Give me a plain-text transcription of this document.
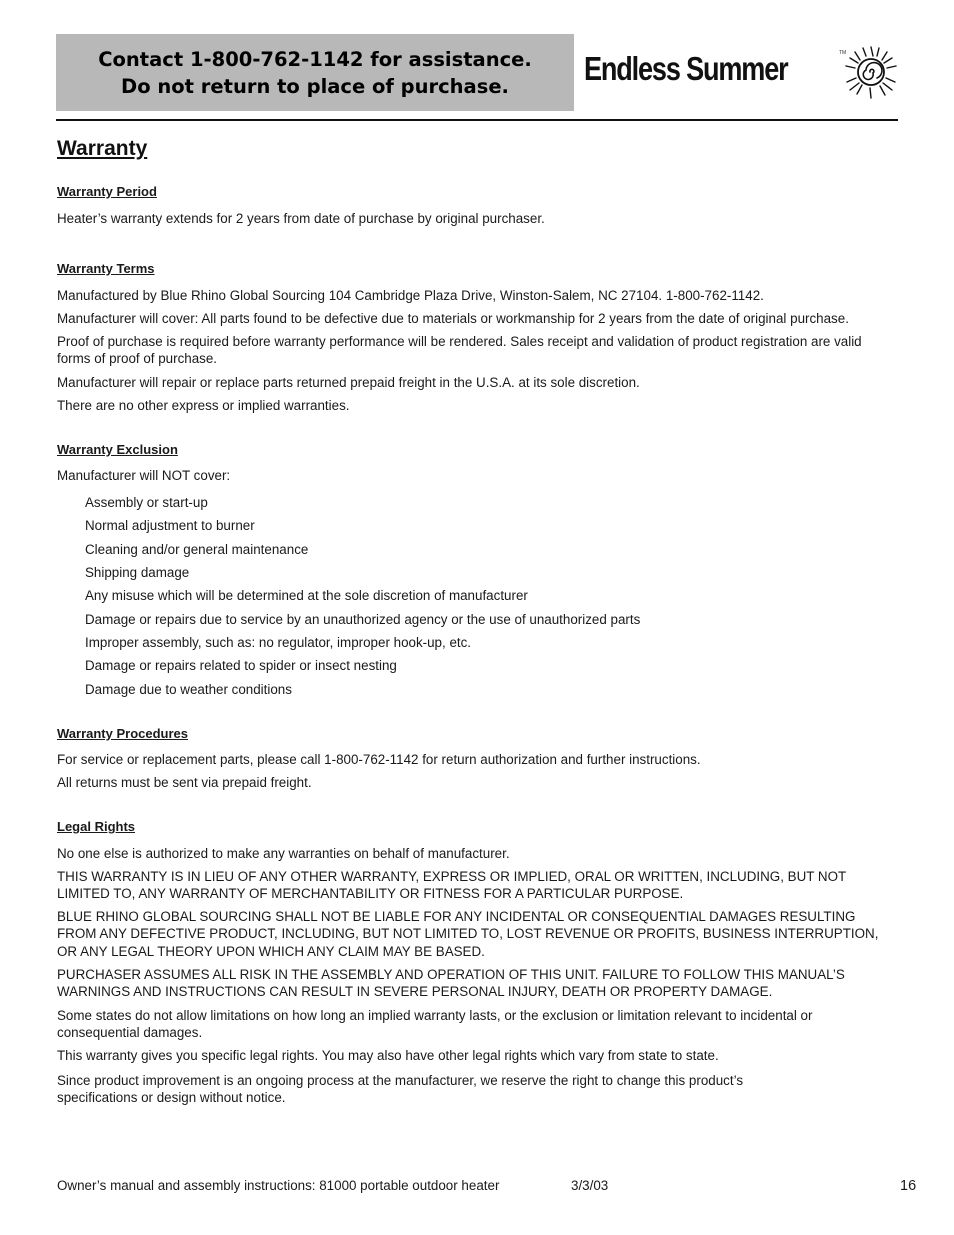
Contact 1-800-762-1142 for assistance.
Do not return to place of purchase. Endless Summer	TM
Warranty
Warranty Period

Heater’s warranty extends for 2 years from date of purchase by original purchaser.

Warranty Terms

Manufactured by Blue Rhino Global Sourcing 104 Cambridge Plaza Drive, Winston-Salem, NC 27104. 1-800-762-1142.

Manufacturer will cover: All parts found to be defective due to materials or workmanship for 2 years from the date of original purchase.

Proof of purchase is required before warranty performance will be rendered. Sales receipt and validation of product registration are valid forms of proof of purchase.

Manufacturer will repair or replace parts returned prepaid freight in the U.S.A. at its sole discretion.

There are no other express or implied warranties.

Warranty Exclusion

Manufacturer will NOT cover:

Assembly or start-up

Normal adjustment to burner

Cleaning and/or general maintenance

Shipping damage

Any misuse which will be determined at the sole discretion of manufacturer

Damage or repairs due to service by an unauthorized agency or the use of unauthorized parts

Improper assembly, such as: no regulator, improper hook-up, etc.

Damage or repairs related to spider or insect nesting

Damage due to weather conditions

Warranty Procedures

For service or replacement parts, please call 1-800-762-1142 for return authorization and further instructions.

All returns must be sent via prepaid freight.

Legal Rights

No one else is authorized to make any warranties on behalf of manufacturer.

THIS WARRANTY IS IN LIEU OF ANY OTHER WARRANTY, EXPRESS OR IMPLIED, ORAL OR WRITTEN, INCLUDING, BUT NOT LIMITED TO, ANY WARRANTY OF MERCHANTABILITY OR FITNESS FOR A PARTICULAR PURPOSE.

BLUE RHINO GLOBAL SOURCING SHALL NOT BE LIABLE FOR ANY INCIDENTAL OR CONSEQUENTIAL DAMAGES RESULTING FROM ANY DEFECTIVE PRODUCT, INCLUDING, BUT NOT LIMITED TO, LOST REVENUE OR PROFITS, BUSINESS INTERRUPTION, OR ANY LEGAL THEORY UPON WHICH ANY CLAIM MAY BE BASED.

PURCHASER ASSUMES ALL RISK IN THE ASSEMBLY AND OPERATION OF THIS UNIT. FAILURE TO FOLLOW THIS MANUAL’S WARNINGS AND INSTRUCTIONS CAN RESULT IN SEVERE PERSONAL INJURY, DEATH OR PROPERTY DAMAGE.

Some states do not allow limitations on how long an implied warranty lasts, or the exclusion or limitation relevant to incidental or consequential damages.

This warranty gives you specific legal rights. You may also have other legal rights which vary from state to state.

Since product improvement is an ongoing process at the manufacturer, we reserve the right to change this product’s specifications or design without notice.

Owner’s manual and assembly instructions: 81000 portable outdoor heater	3/3/03	16
